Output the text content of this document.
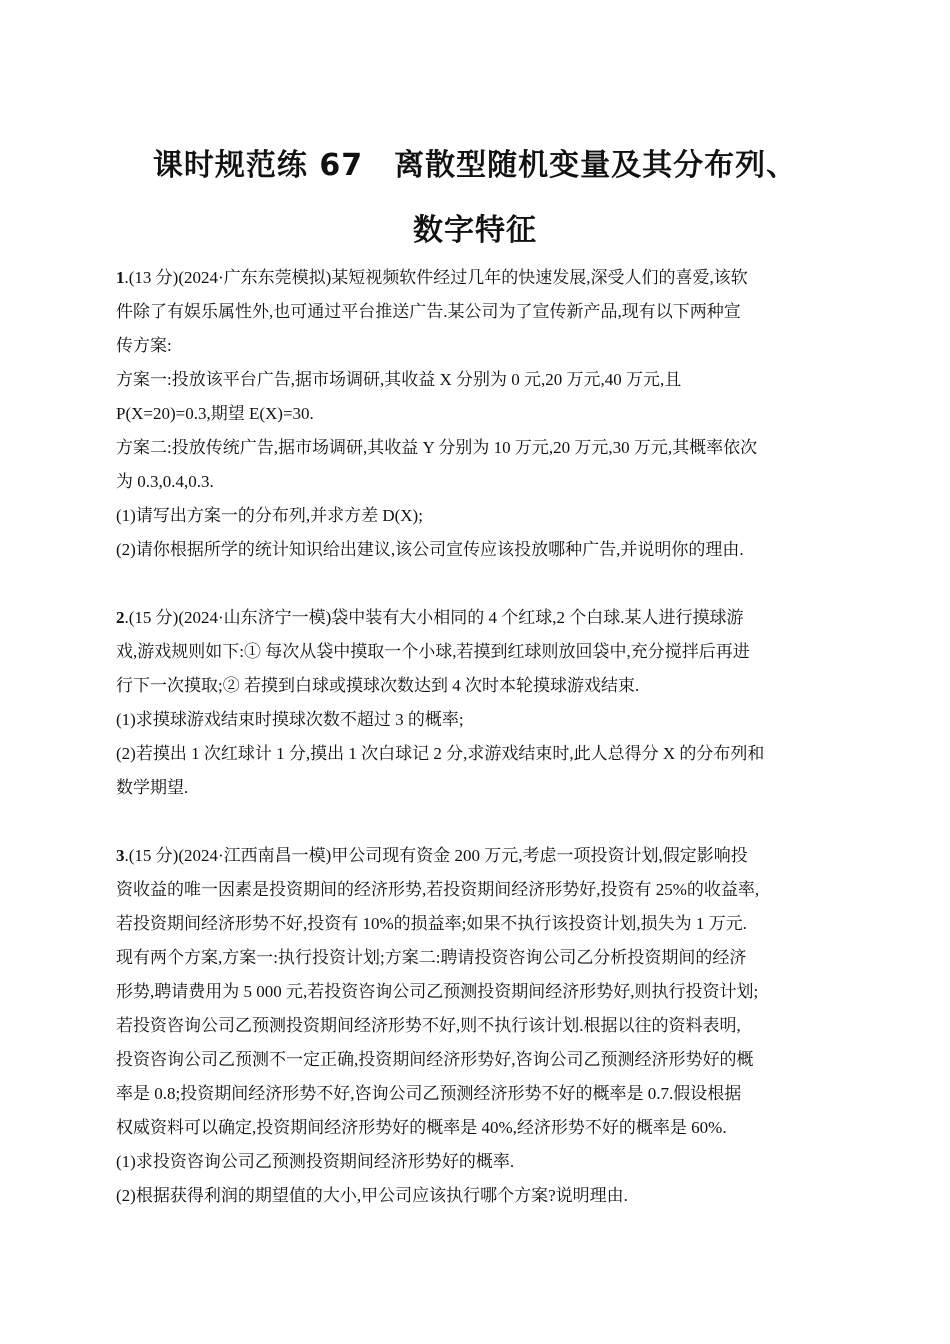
课时规范练 67　离散型随机变量及其分布列、
数字特征
1.(13 分)(2024·广东东莞模拟)某短视频软件经过几年的快速发展,深受人们的喜爱,该软
件除了有娱乐属性外,也可通过平台推送广告.某公司为了宣传新产品,现有以下两种宣
传方案:
方案一:投放该平台广告,据市场调研,其收益 X 分别为 0 元,20 万元,40 万元,且
P(X=20)=0.3,期望 E(X)=30.
方案二:投放传统广告,据市场调研,其收益 Y 分别为 10 万元,20 万元,30 万元,其概率依次
为 0.3,0.4,0.3.
(1)请写出方案一的分布列,并求方差 D(X);
(2)请你根据所学的统计知识给出建议,该公司宣传应该投放哪种广告,并说明你的理由.
2.(15 分)(2024·山东济宁一模)袋中装有大小相同的 4 个红球,2 个白球.某人进行摸球游
戏,游戏规则如下:① 每次从袋中摸取一个小球,若摸到红球则放回袋中,充分搅拌后再进
行下一次摸取;② 若摸到白球或摸球次数达到 4 次时本轮摸球游戏结束.
(1)求摸球游戏结束时摸球次数不超过 3 的概率;
(2)若摸出 1 次红球计 1 分,摸出 1 次白球记 2 分,求游戏结束时,此人总得分 X 的分布列和
数学期望.
3.(15 分)(2024·江西南昌一模)甲公司现有资金 200 万元,考虑一项投资计划,假定影响投
资收益的唯一因素是投资期间的经济形势,若投资期间经济形势好,投资有 25%的收益率,
若投资期间经济形势不好,投资有 10%的损益率;如果不执行该投资计划,损失为 1 万元.
现有两个方案,方案一:执行投资计划;方案二:聘请投资咨询公司乙分析投资期间的经济
形势,聘请费用为 5 000 元,若投资咨询公司乙预测投资期间经济形势好,则执行投资计划;
若投资咨询公司乙预测投资期间经济形势不好,则不执行该计划.根据以往的资料表明,
投资咨询公司乙预测不一定正确,投资期间经济形势好,咨询公司乙预测经济形势好的概
率是 0.8;投资期间经济形势不好,咨询公司乙预测经济形势不好的概率是 0.7.假设根据
权威资料可以确定,投资期间经济形势好的概率是 40%,经济形势不好的概率是 60%.
(1)求投资咨询公司乙预测投资期间经济形势好的概率.
(2)根据获得利润的期望值的大小,甲公司应该执行哪个方案?说明理由.
